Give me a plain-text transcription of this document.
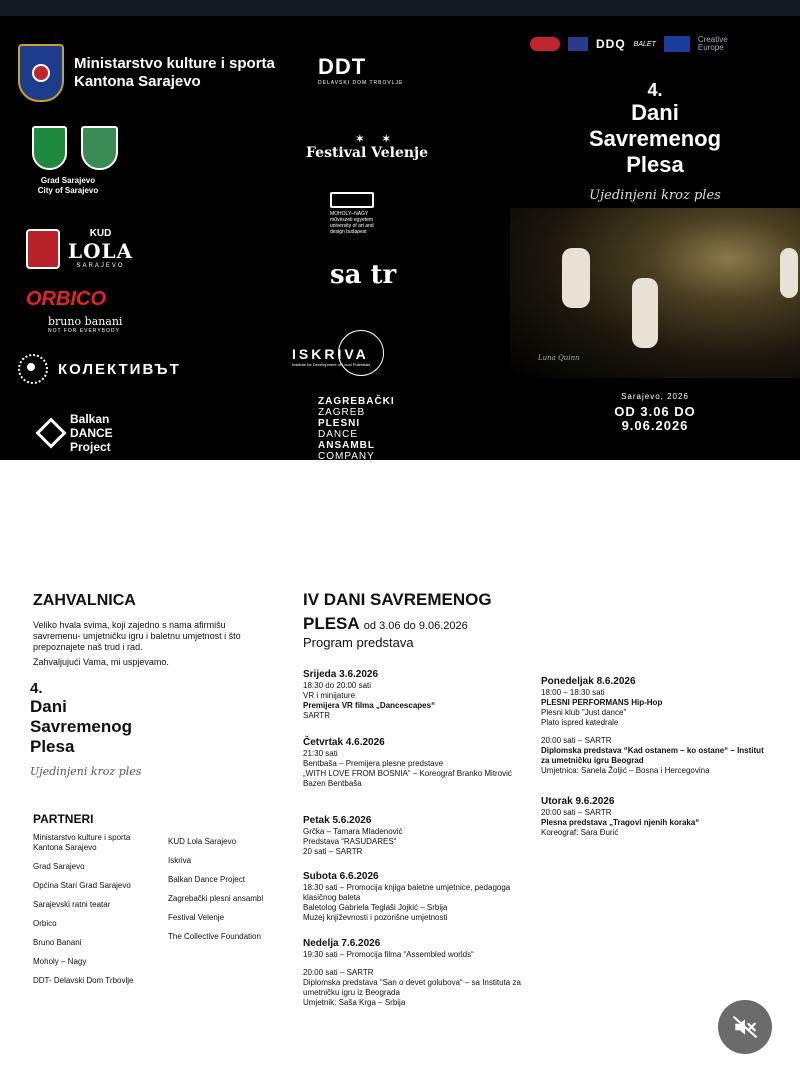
Ministarstvo kulture i sporta
Kantona Sarajevo
Grad Sarajevo
City of Sarajevo
KUD
LOLA
SARAJEVO
ORBICO
bruno banani
NOT FOR EVERYBODY
КОЛЕКТИВЪТ
Balkan
DANCE
Project
DDT
DELAVSKI DOM TRBOVLJE
✶✶
Festival Velenje
MOHOLY–NAGY
művészeti egyetem
university of art and
design budapest
sa tr
ISKRIVA
Institute for Development of Local Potentials
ZAGREBAČKI
ZAGREB
PLESNI
DANCE
ANSAMBL
COMPANY
DDQ BALET	Creative
Europe
4.
Dani
Savremenog
Plesa
Ujedinjeni kroz ples
Luna Quinn
Sarajevo, 2026
OD 3.06 DO
9.06.2026
ZAHVALNICA
Veliko hvala svima, koji zajedno s nama afirmišu savremenu- umjetničku igru i baletnu umjetnost i što prepoznajete naš trud i rad.
Zahvaljujući Vama, mi uspjevamo.
4.
Dani
Savremenog
Plesa
Ujedinjeni kroz ples
PARTNERI
Ministarstvo kulture i sporta Kantona Sarajevo
Grad Sarajevo
Općina Stari Grad Sarajevo
Sarajevski ratni teatar
Orbico
Bruno Banani
Moholy – Nagy
DDT- Delavski Dom Trbovlje
KUD Lola Sarajevo
Iskriva
Balkan Dance Project
Zagrebački plesni ansambl
Festival Velenje
The Collective Foundation
IV DANI SAVREMENOG PLESA od 3.06 do 9.06.2026
Program predstava
Srijeda 3.6.2026
18:30 do 20:00 sati
VR i minijature
Premijera VR filma „Dancescapes“
SARTR
Četvrtak 4.6.2026
21:30 sati
Bentbaša – Premijera plesne predstave
„WITH LOVE FROM BOSNIA“ – Koreograf Branko Mitrović
Bazen Bentbaša
Petak 5.6.2026
Grčka – Tamara Mladenović
Predstava “RASUDARES“
20 sati – SARTR
Subota 6.6.2026
18:30 sati – Promocija knjiga baletne umjetnice, pedagoga klasičnog baleta
Baletolog Gabriela Teglaši Jojkić – Srbija
Muzej književnosti i pozorišne umjetnosti
Nedelja 7.6.2026
19:30 sati – Promocija filma “Assembled worlds“
20:00 sati – SARTR
Diplomska predstava “San o devet golubova“ – sa Instituta za umetničku igru iz Beograda
Umjetnik: Saša Krga – Srbija
Ponedeljak 8.6.2026
18:00 – 18:30 sati
PLESNI PERFORMANS Hip-Hop
Plesni klub "Just dance"
Plato ispred katedrale
20:00 sati – SARTR
Diplomska predstava “Kad ostanem – ko ostane“ – Institut za umetničku igru Beograd
Umjetnica: Sanela Žoljić – Bosna i Hercegovina
Utorak 9.6.2026
20:00 sati – SARTR
Plesna predstava „Tragovi njenih koraka“
Koreograf: Sara Đurić
